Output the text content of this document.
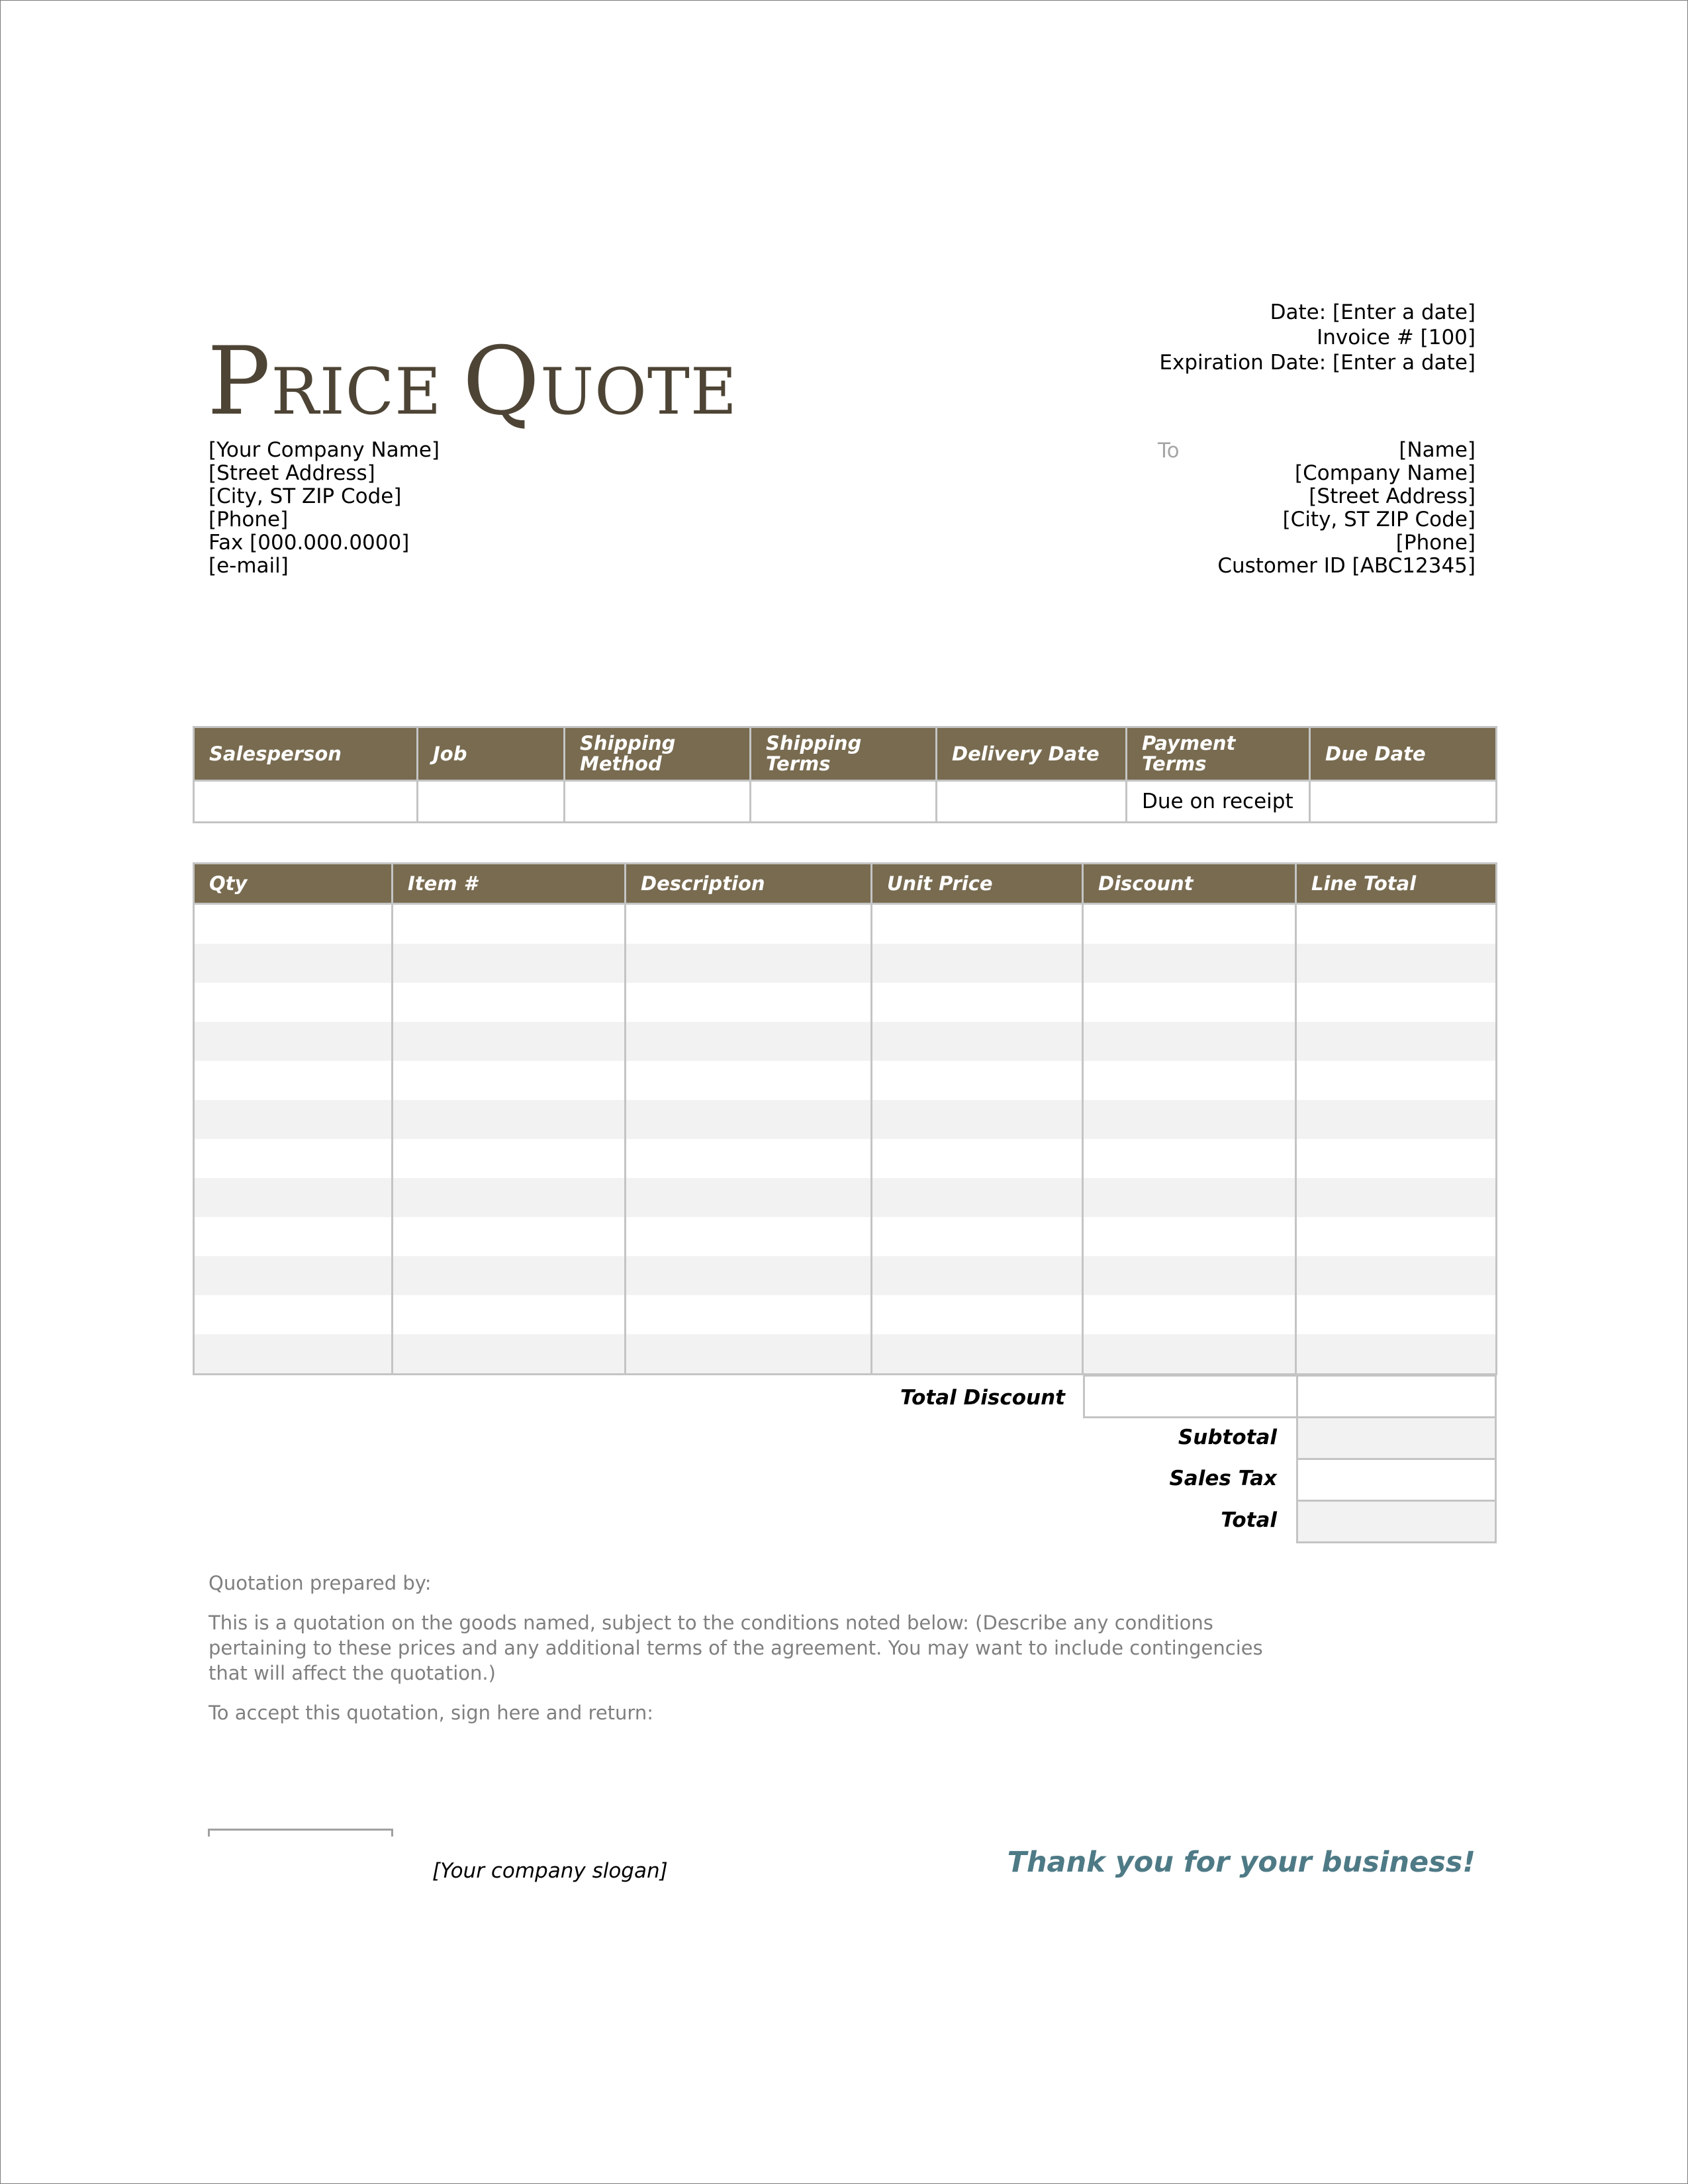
PRICE QUOTE
Date: [Enter a date]
Invoice # [100]
Expiration Date: [Enter a date]
[Your Company Name]
[Street Address]
[City, ST ZIP Code]
[Phone]
Fax [000.000.0000]
[e-mail]
To	[Name]
[Company Name]
[Street Address]
[City, ST ZIP Code]
[Phone]
Customer ID [ABC12345]
Salesperson	Job	Shipping Method	Shipping Terms	Delivery Date	Payment Terms	Due Date
					Due on receipt	
Qty	Item #	Description	Unit Price	Discount	Line Total

Total Discount
Subtotal
Sales Tax
Total

Quotation prepared by:

This is a quotation on the goods named, subject to the conditions noted below: (Describe any conditions pertaining to these prices and any additional terms of the agreement. You may want to include contingencies that will affect the quotation.)

To accept this quotation, sign here and return:

[Your company slogan]	Thank you for your business!
